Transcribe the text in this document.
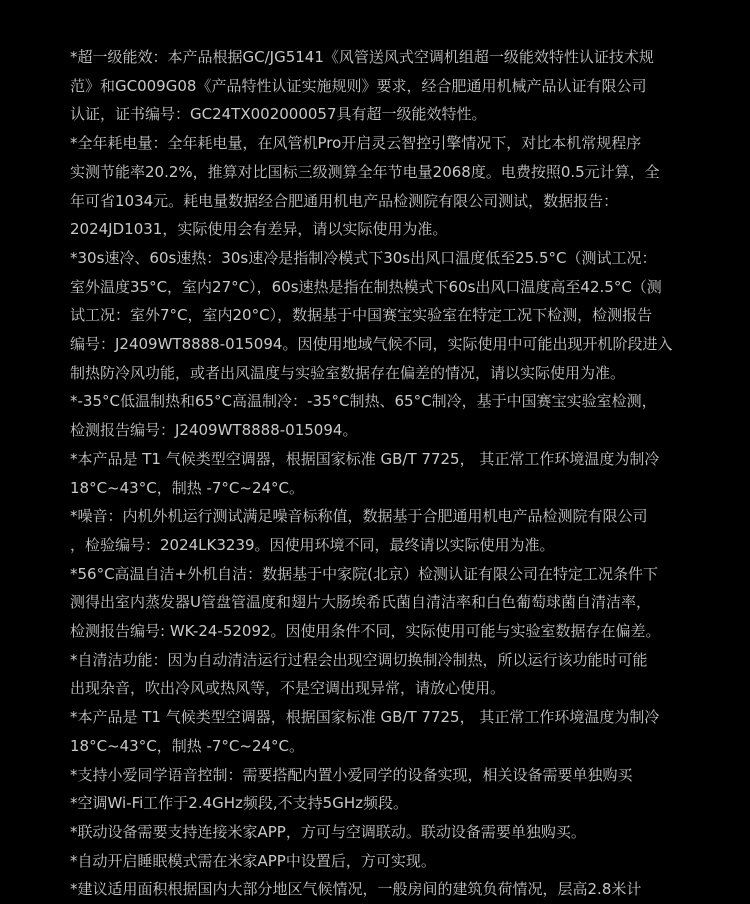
*超一级能效：本产品根据GC/JG5141《风管送风式空调机组超一级能效特性认证技术规
范》和GC009G08《产品特性认证实施规则》要求，经合肥通用机械产品认证有限公司
认证，证书编号：GC24TX002000057具有超一级能效特性。
*全年耗电量：全年耗电量，在风管机Pro开启灵云智控引擎情况下，对比本机常规程序
实测节能率20.2%，推算对比国标三级测算全年节电量2068度。电费按照0.5元计算，全
年可省1034元。耗电量数据经合肥通用机电产品检测院有限公司测试，数据报告：
2024JD1031，实际使用会有差异，请以实际使用为准。
*30s速冷、60s速热：30s速冷是指制冷模式下30s出风口温度低至25.5°C（测试工况：
室外温度35°C，室内27°C），60s速热是指在制热模式下60s出风口温度高至42.5°C（测
试工况：室外7°C，室内20°C），数据基于中国赛宝实验室在特定工况下检测，检测报告
编号：J2409WT8888-015094。因使用地域气候不同，实际使用中可能出现开机阶段进入
制热防冷风功能，或者出风温度与实验室数据存在偏差的情况，请以实际使用为准。
*-35°C低温制热和65°C高温制冷：-35°C制热、65°C制冷，基于中国赛宝实验室检测，
检测报告编号：J2409WT8888-015094。
*本产品是 T1 气候类型空调器，根据国家标准 GB/T 7725， 其正常工作环境温度为制冷
18°C~43°C，制热 -7°C~24°C。
*噪音：内机外机运行测试满足噪音标称值，数据基于合肥通用机电产品检测院有限公司
，检验编号：2024LK3239。因使用环境不同，最终请以实际使用为准。
*56°C高温自洁+外机自洁：数据基于中家院(北京）检测认证有限公司在特定工况条件下
测得出室内蒸发器U管盘管温度和翅片大肠埃希氏菌自清洁率和白色葡萄球菌自清洁率，
检测报告编号: WK-24-52092。因使用条件不同，实际使用可能与实验室数据存在偏差。
*自清洁功能：因为自动清洁运行过程会出现空调切换制冷制热，所以运行该功能时可能
出现杂音，吹出冷风或热风等，不是空调出现异常，请放心使用。
*本产品是 T1 气候类型空调器，根据国家标准 GB/T 7725， 其正常工作环境温度为制冷
18°C~43°C，制热 -7°C~24°C。
*支持小爱同学语音控制：需要搭配内置小爱同学的设备实现，相关设备需要单独购买
*空调Wi-Fi工作于2.4GHz频段,不支持5GHz频段。
*联动设备需要支持连接米家APP，方可与空调联动。联动设备需要单独购买。
*自动开启睡眠模式需在米家APP中设置后，方可实现。
*建议适用面积根据国内大部分地区气候情况，一般房间的建筑负荷情况，层高2.8米计
